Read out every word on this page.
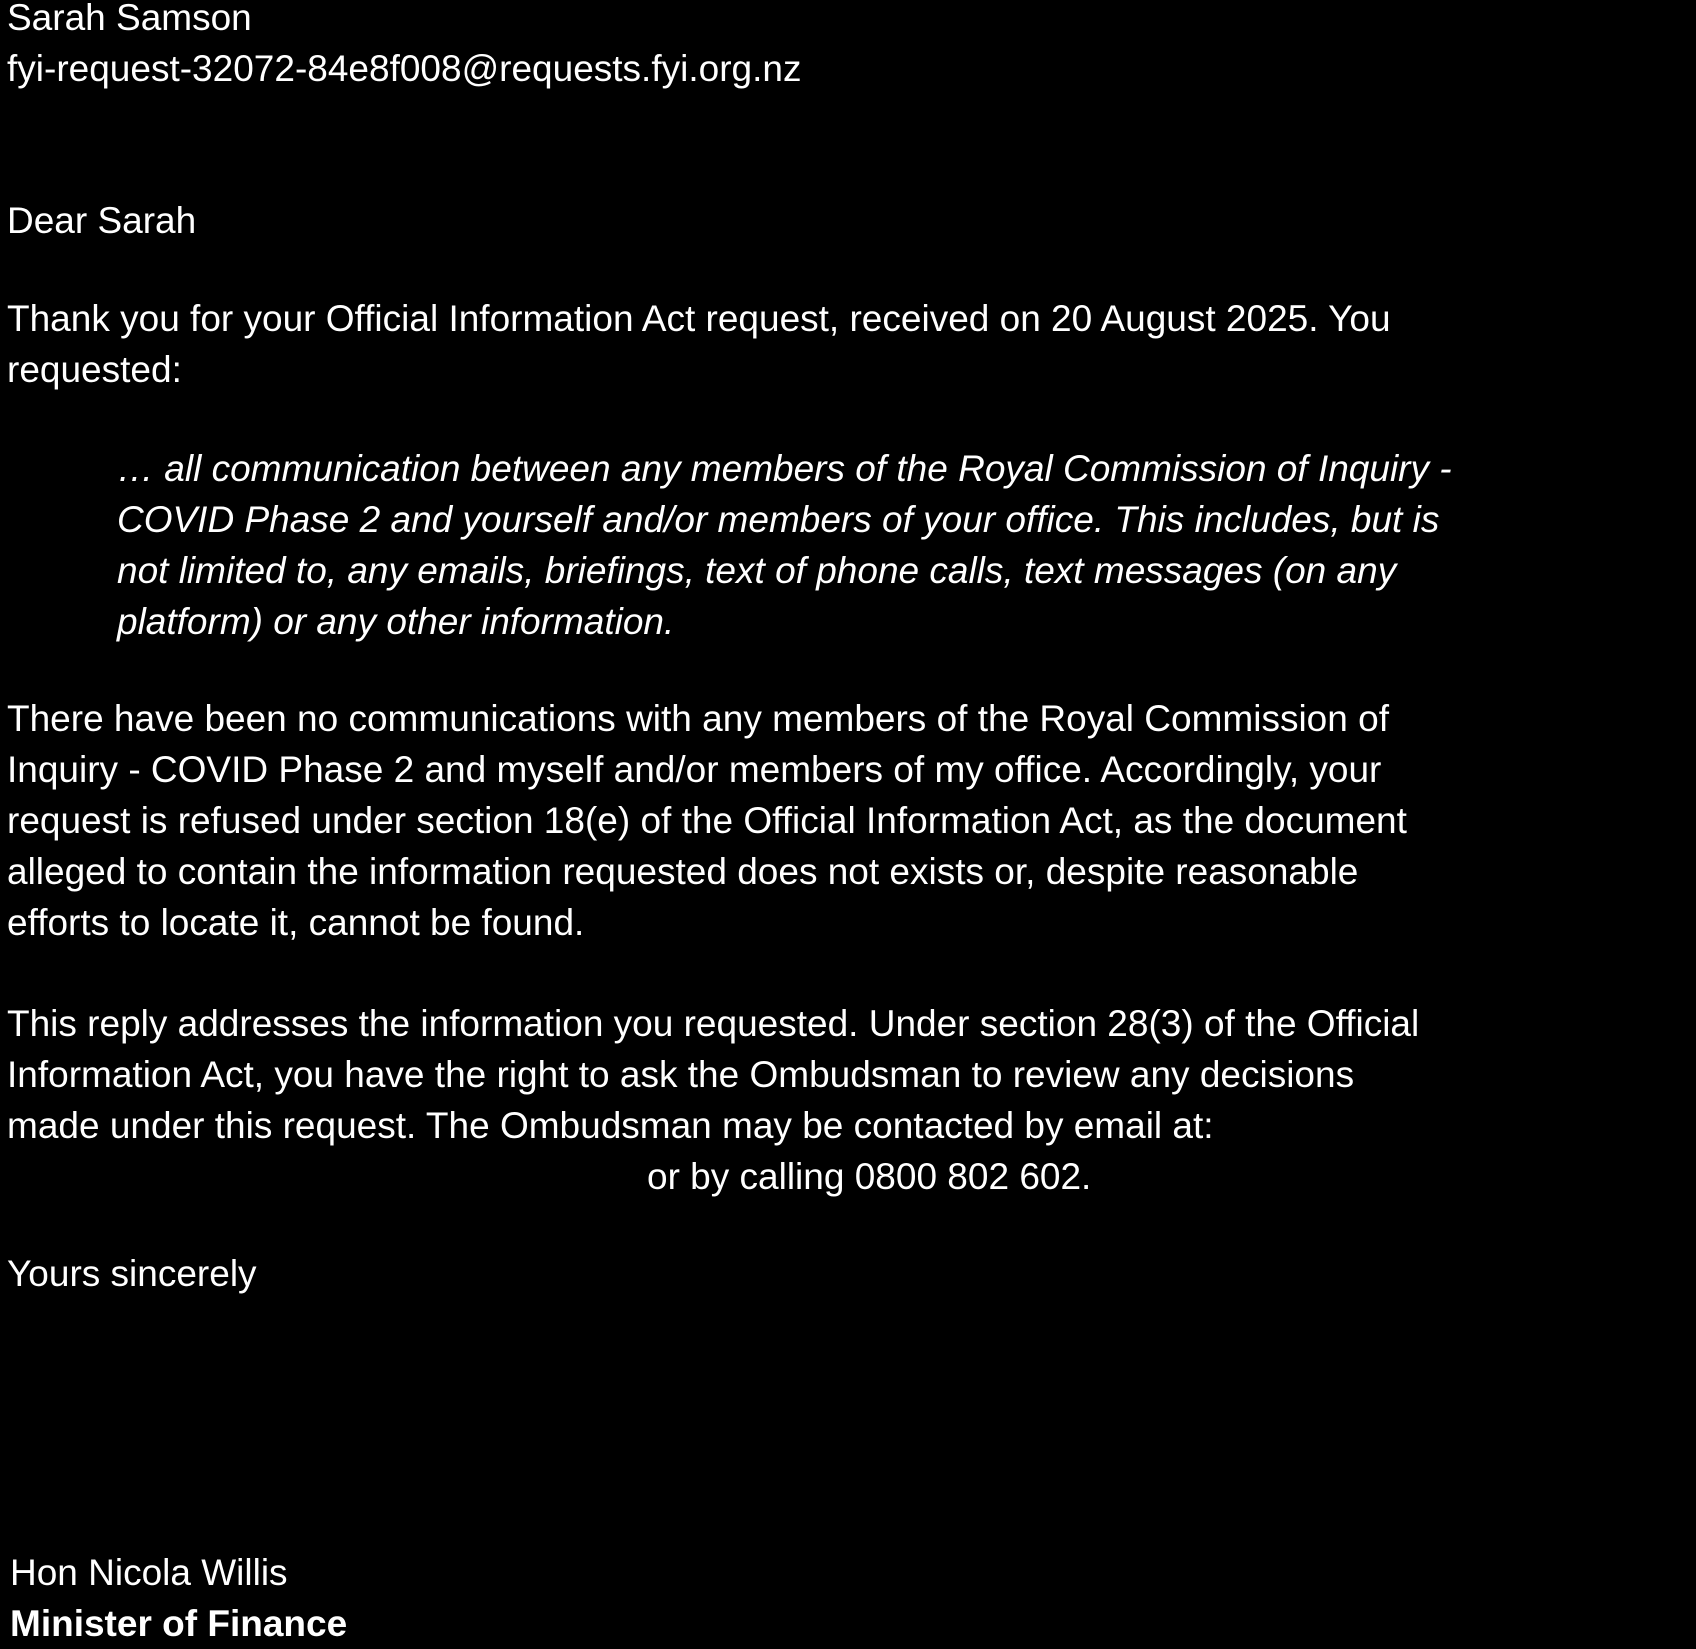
Sarah Samson
fyi-request-32072-84e8f008@requests.fyi.org.nz
Dear Sarah
Thank you for your Official Information Act request, received on 20 August 2025. You
requested:
… all communication between any members of the Royal Commission of Inquiry -
COVID Phase 2 and yourself and/or members of your office. This includes, but is
not limited to, any emails, briefings, text of phone calls, text messages (on any
platform) or any other information.
There have been no communications with any members of the Royal Commission of
Inquiry - COVID Phase 2 and myself and/or members of my office. Accordingly, your
request is refused under section 18(e) of the Official Information Act, as the document
alleged to contain the information requested does not exists or, despite reasonable
efforts to locate it, cannot be found.
This reply addresses the information you requested. Under section 28(3) of the Official
Information Act, you have the right to ask the Ombudsman to review any decisions
made under this request. The Ombudsman may be contacted by email at:
or by calling 0800 802 602.
Yours sincerely
Hon Nicola Willis
Minister of Finance
